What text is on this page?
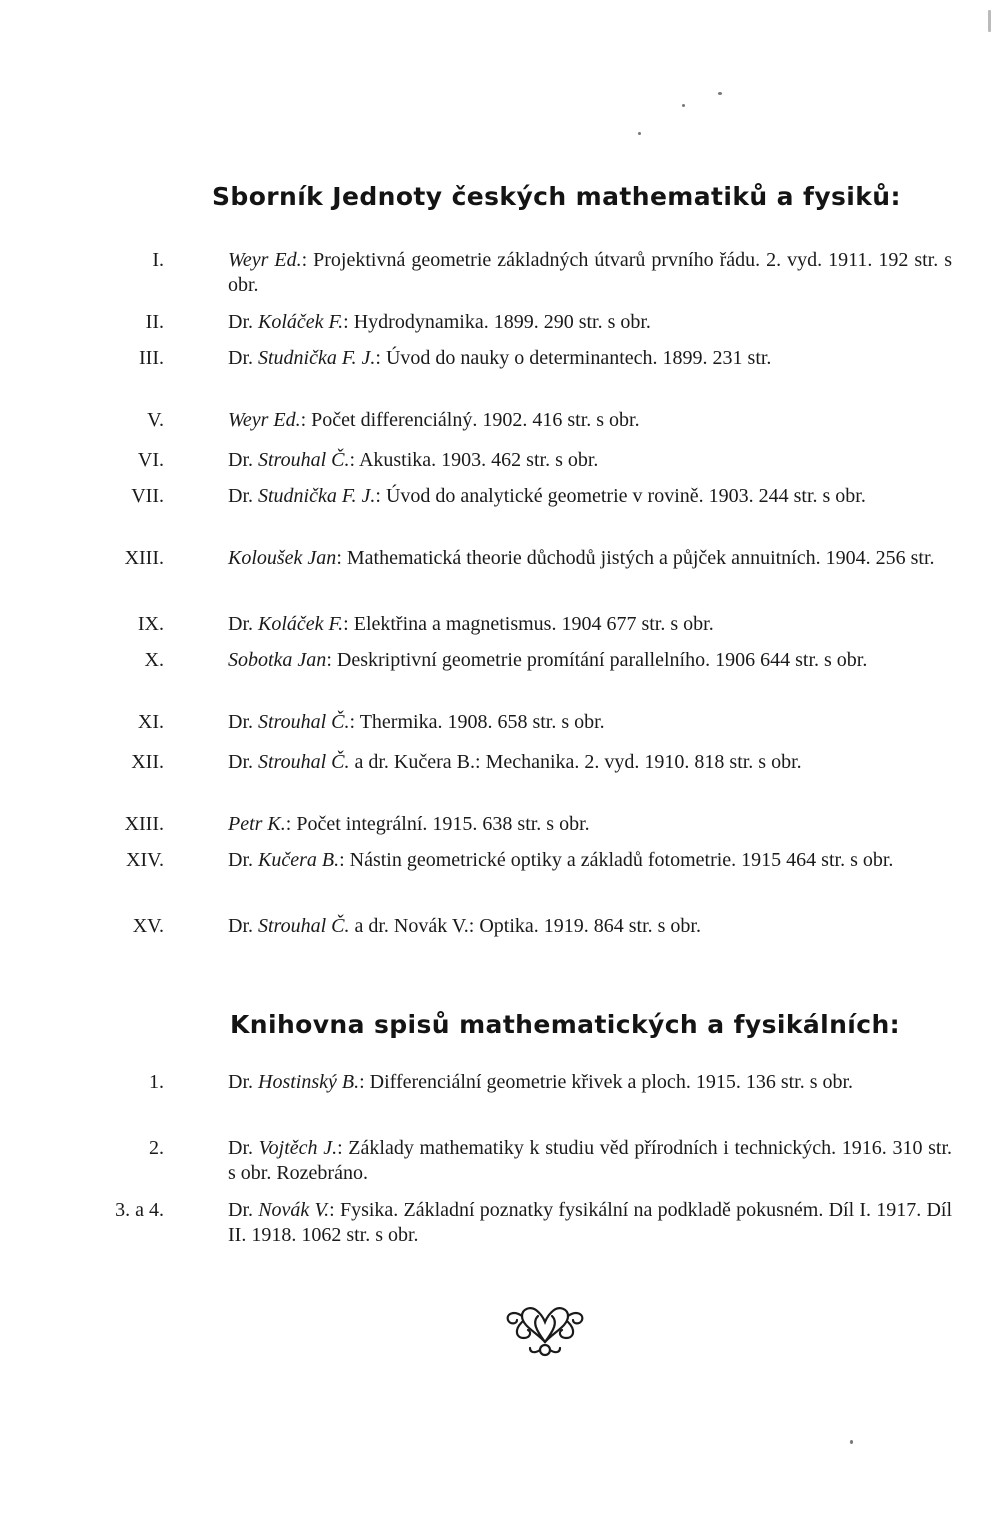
Sborník Jednoty českých mathematiků a fysiků:
I.	Weyr Ed.: Projektivná geometrie základných útvarů prvního řádu. 2. vyd. 1911. 192 str. s obr.
II.	Dr. Koláček F.: Hydrodynamika. 1899. 290 str. s obr.
III.	Dr. Studnička F. J.: Úvod do nauky o determinantech. 1899. 231 str.
V.	Weyr Ed.: Počet differenciálný. 1902. 416 str. s obr.
VI.	Dr. Strouhal Č.: Akustika. 1903. 462 str. s obr.
VII.	Dr. Studnička F. J.: Úvod do analytické geometrie v rovině. 1903. 244 str. s obr.
XIII.	Koloušek Jan: Mathematická theorie důchodů jistých a půjček annuitních. 1904. 256 str.
IX.	Dr. Koláček F.: Elektřina a magnetismus. 1904 677 str. s obr.
X.	Sobotka Jan: Deskriptivní geometrie promítání parallelního. 1906 644 str. s obr.
XI.	Dr. Strouhal Č.: Thermika. 1908. 658 str. s obr.
XII.	Dr. Strouhal Č. a dr. Kučera B.: Mechanika. 2. vyd. 1910. 818 str. s obr.
XIII.	Petr K.: Počet integrální. 1915. 638 str. s obr.
XIV.	Dr. Kučera B.: Nástin geometrické optiky a základů fotometrie. 1915 464 str. s obr.
XV.	Dr. Strouhal Č. a dr. Novák V.: Optika. 1919. 864 str. s obr.
Knihovna spisů mathematických a fysikálních:
1.	Dr. Hostinský B.: Differenciální geometrie křivek a ploch. 1915. 136 str. s obr.
2.	Dr. Vojtěch J.: Základy mathematiky k studiu věd přírodních i technických. 1916. 310 str. s obr. Rozebráno.
3. a 4.	Dr. Novák V.: Fysika. Základní poznatky fysikální na podkladě pokusném. Díl I. 1917. Díl II. 1918. 1062 str. s obr.
